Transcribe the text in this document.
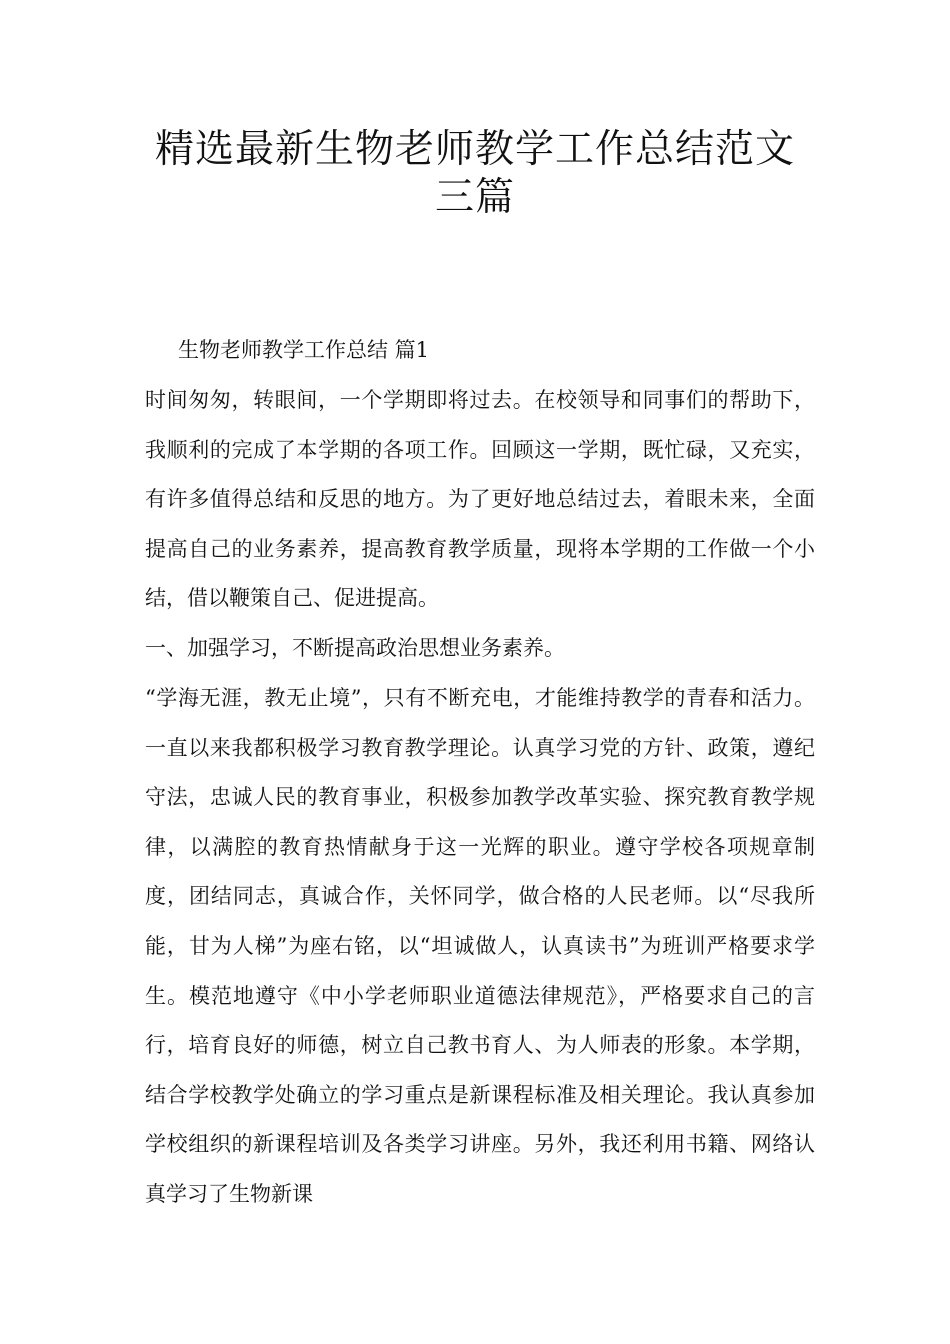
精选最新生物老师教学工作总结范文三篇

生物老师教学工作总结 篇1

时间匆匆，转眼间，一个学期即将过去。在校领导和同事们的帮助下，我顺利的完成了本学期的各项工作。回顾这一学期，既忙碌，又充实，有许多值得总结和反思的地方。为了更好地总结过去，着眼未来，全面提高自己的业务素养，提高教育教学质量，现将本学期的工作做一个小结，借以鞭策自己、促进提高。

一、加强学习，不断提高政治思想业务素养。

“学海无涯，教无止境”，只有不断充电，才能维持教学的青春和活力。一直以来我都积极学习教育教学理论。认真学习党的方针、政策，遵纪守法，忠诚人民的教育事业，积极参加教学改革实验、探究教育教学规律，以满腔的教育热情献身于这一光辉的职业。遵守学校各项规章制度，团结同志，真诚合作，关怀同学，做合格的人民老师。以“尽我所能，甘为人梯”为座右铭，以“坦诚做人，认真读书”为班训严格要求学生。模范地遵守《中小学老师职业道德法律规范》，严格要求自己的言行，培育良好的师德，树立自己教书育人、为人师表的形象。本学期，结合学校教学处确立的学习重点是新课程标准及相关理论。我认真参加学校组织的新课程培训及各类学习讲座。另外，我还利用书籍、网络认真学习了生物新课
